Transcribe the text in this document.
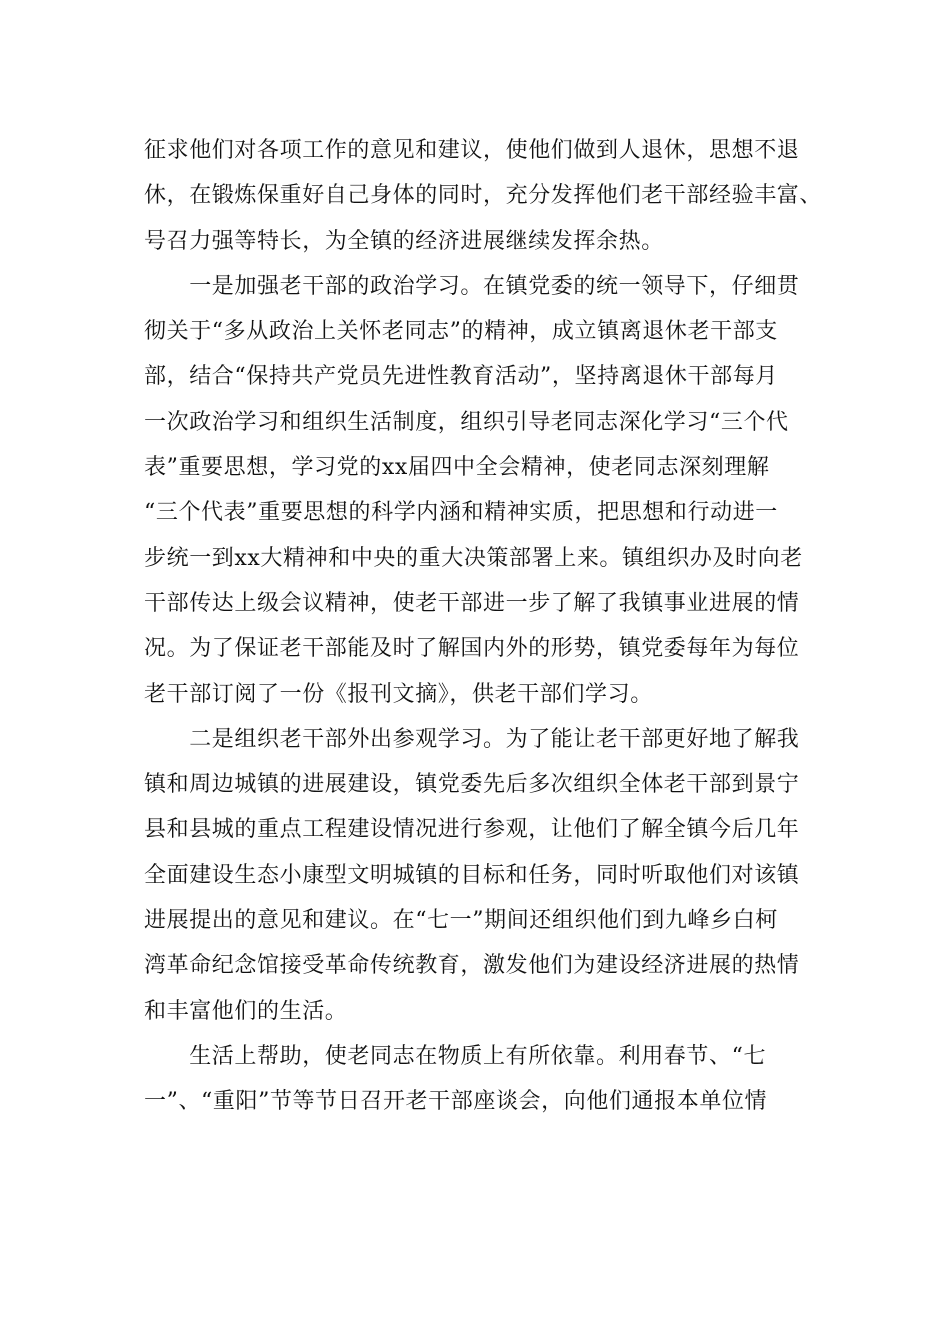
征求他们对各项工作的意见和建议，使他们做到人退休，思想不退
休，在锻炼保重好自己身体的同时，充分发挥他们老干部经验丰富、
号召力强等特长，为全镇的经济进展继续发挥余热。
　　一是加强老干部的政治学习。在镇党委的统一领导下，仔细贯
彻关于“多从政治上关怀老同志”的精神，成立镇离退休老干部支
部，结合“保持共产党员先进性教育活动”，坚持离退休干部每月
一次政治学习和组织生活制度，组织引导老同志深化学习“三个代
表”重要思想，学习党的xx届四中全会精神，使老同志深刻理解
“三个代表”重要思想的科学内涵和精神实质，把思想和行动进一
步统一到xx大精神和中央的重大决策部署上来。镇组织办及时向老
干部传达上级会议精神，使老干部进一步了解了我镇事业进展的情
况。为了保证老干部能及时了解国内外的形势，镇党委每年为每位
老干部订阅了一份《报刊文摘》，供老干部们学习。
　　二是组织老干部外出参观学习。为了能让老干部更好地了解我
镇和周边城镇的进展建设，镇党委先后多次组织全体老干部到景宁
县和县城的重点工程建设情况进行参观，让他们了解全镇今后几年
全面建设生态小康型文明城镇的目标和任务，同时听取他们对该镇
进展提出的意见和建议。在“七一”期间还组织他们到九峰乡白柯
湾革命纪念馆接受革命传统教育，激发他们为建设经济进展的热情
和丰富他们的生活。
　　生活上帮助，使老同志在物质上有所依靠。利用春节、“七
一”、“重阳”节等节日召开老干部座谈会，向他们通报本单位情
